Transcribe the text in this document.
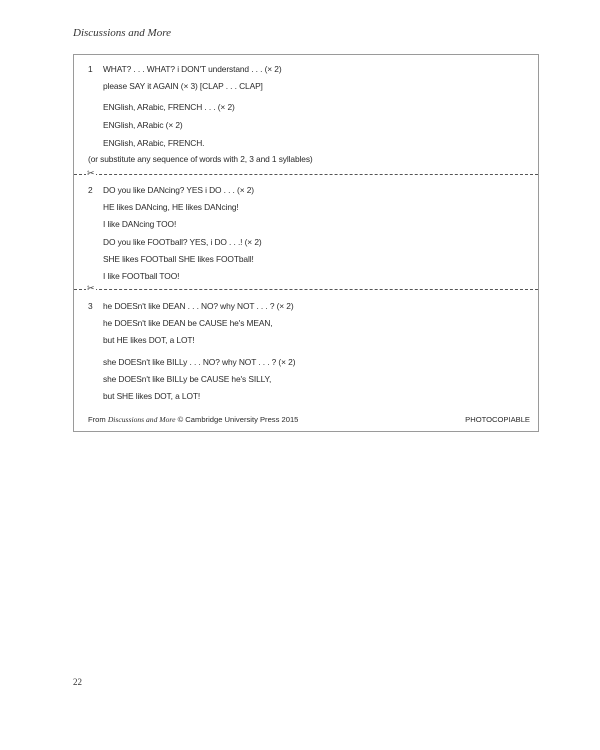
Discussions and More
1 WHAT? . . . WHAT? i DON'T understand . . . (× 2)
please SAY it AGAIN (× 3) [CLAP . . . CLAP]
ENGlish, ARabic, FRENCH . . . (× 2)
ENGlish, ARabic (× 2)
ENGlish, ARabic, FRENCH.
(or substitute any sequence of words with 2, 3 and 1 syllables)
✂
2 DO you like DANcing? YES i DO . . . (× 2)
HE likes DANcing, HE likes DANcing!
I like DANcing TOO!
DO you like FOOTball? YES, i DO . . .! (× 2)
SHE likes FOOTball SHE likes FOOTball!
I like FOOTball TOO!
✂
3 he DOESn't like DEAN . . . NO? why NOT . . . ? (× 2)
he DOESn't like DEAN be CAUSE he's MEAN,
but HE likes DOT, a LOT!
she DOESn't like BILLy . . . NO? why NOT . . . ? (× 2)
she DOESn't like BILLy be CAUSE he's SILLY,
but SHE likes DOT, a LOT!
From Discussions and More © Cambridge University Press 2015	PHOTOCOPIABLE
22
